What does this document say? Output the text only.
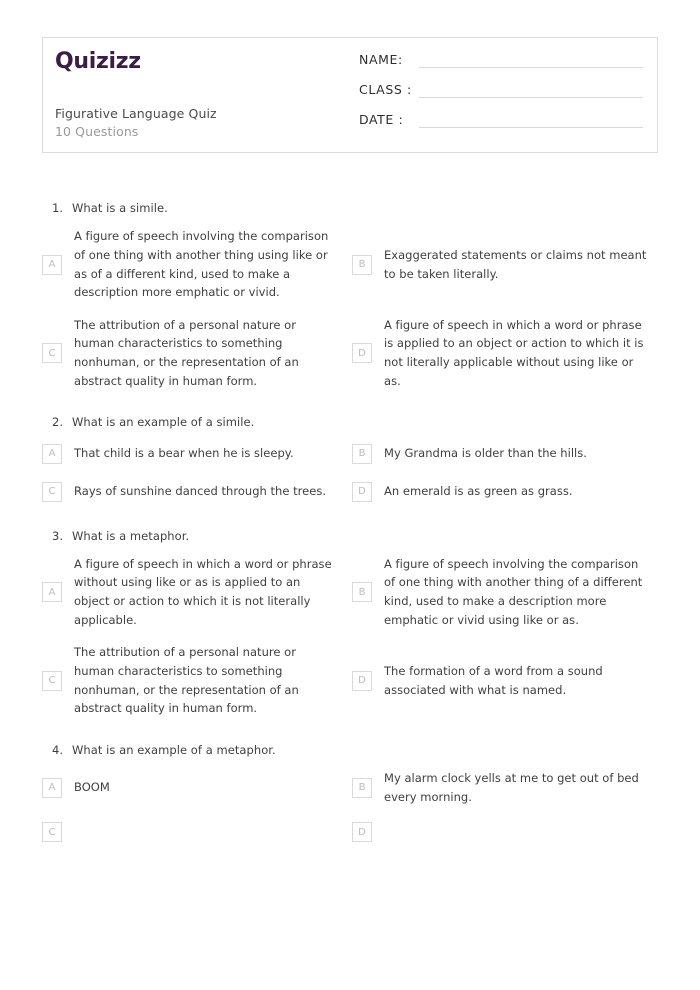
Quizizz
Figurative Language Quiz
10 Questions
NAME:
CLASS :
DATE :
1. What is a simile.
A
A figure of speech involving the comparison of one thing with another thing using like or as of a different kind, used to make a description more emphatic or vivid.
B
Exaggerated statements or claims not meant to be taken literally.
C
The attribution of a personal nature or human characteristics to something nonhuman, or the representation of an abstract quality in human form.
D
A figure of speech in which a word or phrase is applied to an object or action to which it is not literally applicable without using like or as.
2. What is an example of a simile.
A	That child is a bear when he is sleepy.	B	My Grandma is older than the hills.
C	Rays of sunshine danced through the trees.	D	An emerald is as green as grass.
3. What is a metaphor.
A
A figure of speech in which a word or phrase without using like or as is applied to an object or action to which it is not literally applicable.
B
A figure of speech involving the comparison of one thing with another thing of a different kind, used to make a description more emphatic or vivid using like or as.
C
The attribution of a personal nature or human characteristics to something nonhuman, or the representation of an abstract quality in human form.
D
The formation of a word from a sound associated with what is named.
4. What is an example of a metaphor.
A	BOOM	B
My alarm clock yells at me to get out of bed every morning.
C	D
